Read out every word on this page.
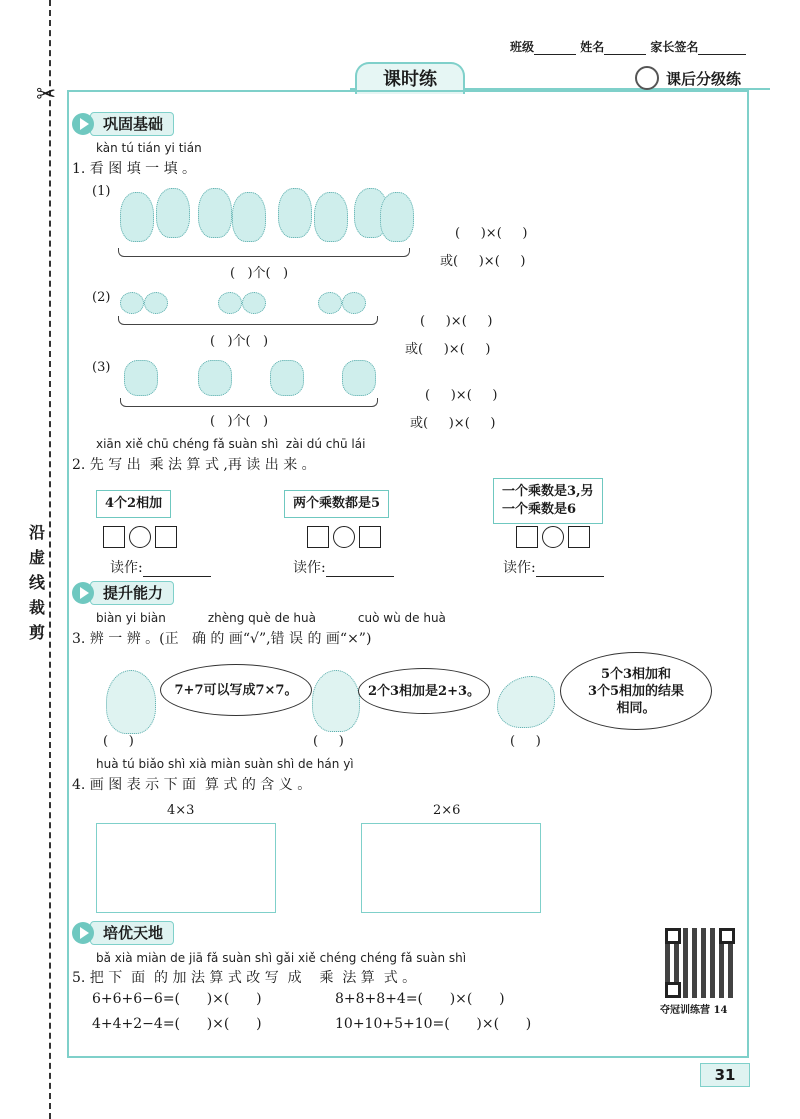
✂
沿
虚
线
裁
剪
班级	姓名	家长签名
课时练	课后分级练
巩固基础
kàn tú tián yi tián
1. 看 图 填 一 填 。
(1)
(   )个(   )
(     )×(     )
或(     )×(     )
(2)
(   )个(   )
(     )×(     )
或(     )×(     )
(3)
(   )个(   )
(     )×(     )
或(     )×(     )
xiān xiě chū chéng fǎ suàn shì  zài dú chū lái
2. 先 写 出  乘 法 算 式 ,再 读 出 来 。
4个2相加
读作:
两个乘数都是5
读作:
一个乘数是3,另
一个乘数是6
读作:
提升能力
biàn yi biàn           zhèng què de huà           cuò wù de huà
3. 辨 一 辨 。(正   确 的 画“√”,错 误 的 画“×”)
7+7可以写成7×7。
(     )
2个3相加是2+3。
(     )
5个3相加和
3个5相加的结果
相同。
(     )
huà tú biǎo shì xià miàn suàn shì de hán yì
4. 画 图 表 示 下 面  算 式 的 含 义 。
4×3	2×6
培优天地
bǎ xià miàn de jiā fǎ suàn shì gǎi xiě chéng chéng fǎ suàn shì
5. 把 下  面  的 加 法 算 式 改 写  成    乘  法 算  式 。
6+6+6−6=(      )×(      )	8+8+8+4=(      )×(      )
4+4+2−4=(      )×(      )	10+10+5+10=(      )×(      )
夺冠训练营 14
31
